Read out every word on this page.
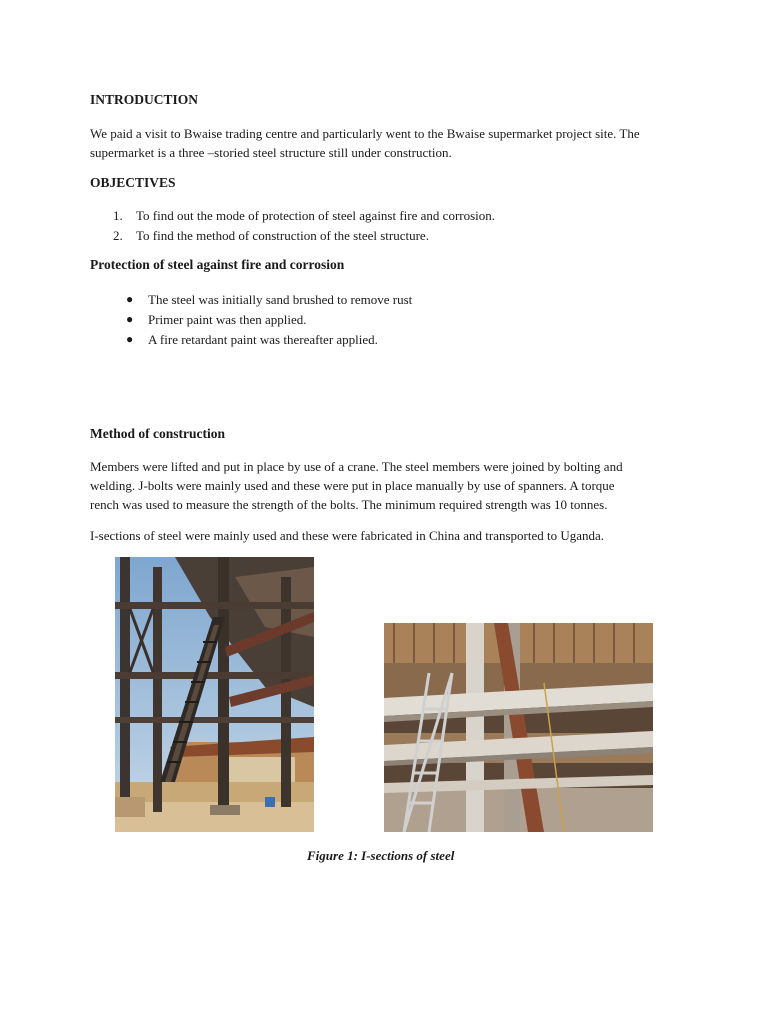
INTRODUCTION
We paid a visit to Bwaise trading centre and particularly went to the Bwaise supermarket project site. The
supermarket is a three –storied steel structure still under construction.
OBJECTIVES
1. To find out the mode of protection of steel against fire and corrosion.
2. To find the method of construction of the steel structure.
Protection of steel against fire and corrosion
● The steel was initially sand brushed to remove rust
● Primer paint was then applied.
● A fire retardant paint was thereafter applied.
Method of construction
Members were lifted and put in place by use of a crane. The steel members were joined by bolting and
welding. J-bolts were mainly used and these were put in place manually by use of spanners. A torque
rench was used to measure the strength of the bolts. The minimum required strength was 10 tonnes.
I-sections of steel were mainly used and these were fabricated in China and transported to Uganda.
Figure 1: I-sections of steel
